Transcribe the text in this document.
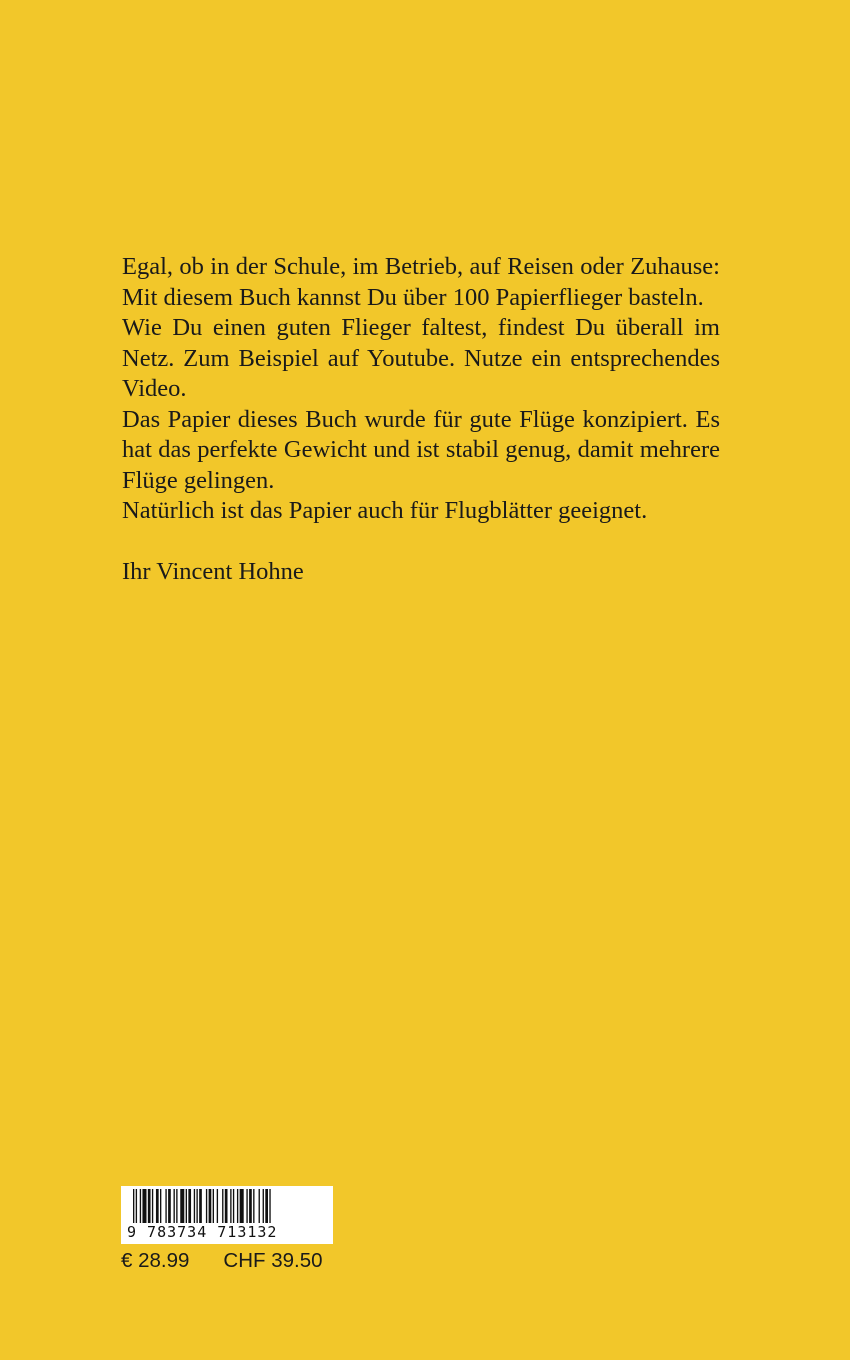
Egal, ob in der Schule, im Betrieb, auf Reisen oder Zuhause: Mit diesem Buch kannst Du über 100 Papierflieger basteln.

Wie Du einen guten Flieger faltest, findest Du überall im Netz. Zum Beispiel auf Youtube. Nutze ein entsprechendes Video.

Das Papier dieses Buch wurde für gute Flüge konzipiert. Es hat das perfekte Gewicht und ist stabil genug, damit mehrere Flüge gelingen.

Natürlich ist das Papier auch für Flugblätter geeignet.

Ihr Vincent Hohne

9 783734 713132
€ 28.99 CHF 39.50
